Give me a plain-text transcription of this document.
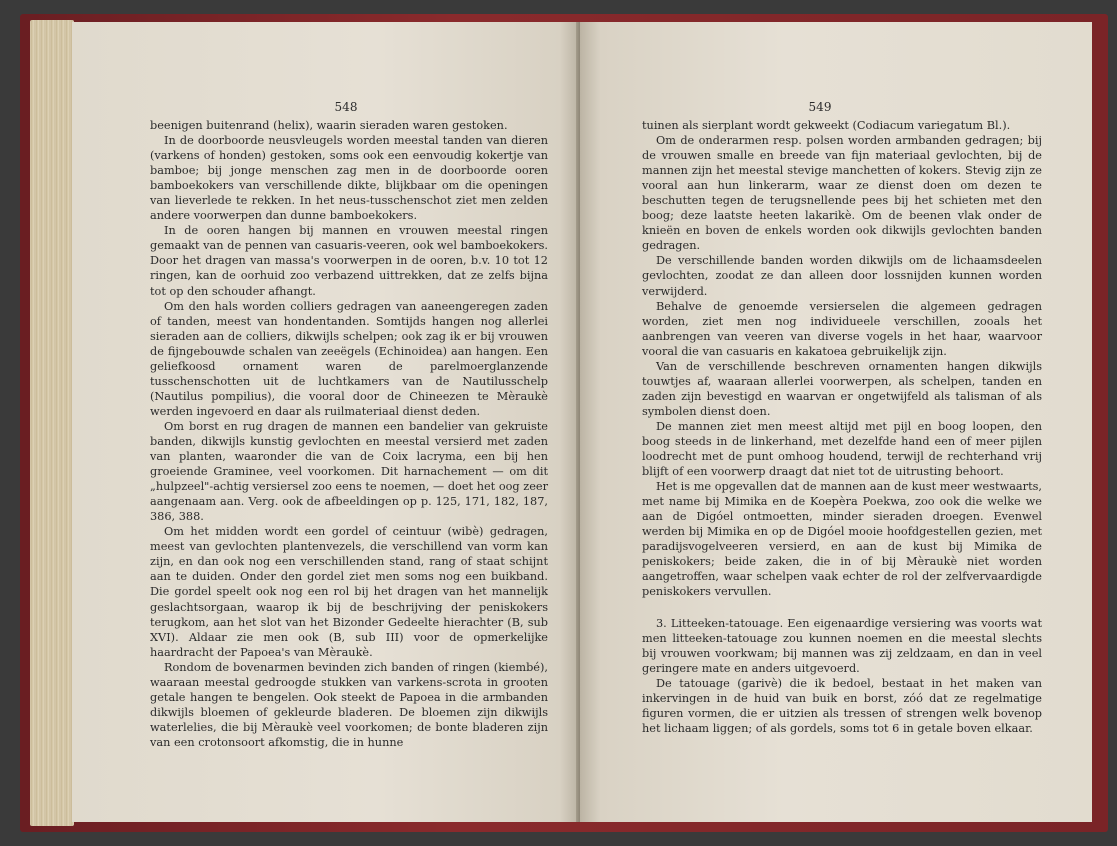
548

beenigen buitenrand (helix), waarin sieraden waren gestoken.

In de doorboorde neusvleugels worden meestal tanden van dieren (varkens of honden) gestoken, soms ook een eenvoudig kokertje van bamboe; bij jonge menschen zag men in de doorboorde ooren bamboekokers van verschillende dikte, blijkbaar om die openingen van lieverlede te rekken. In het neus-tusschenschot ziet men zelden andere voorwerpen dan dunne bamboekokers.

In de ooren hangen bij mannen en vrouwen meestal ringen gemaakt van de pennen van casuaris-veeren, ook wel bamboekokers. Door het dragen van massa's voorwerpen in de ooren, b.v. 10 tot 12 ringen, kan de oorhuid zoo verbazend uittrekken, dat ze zelfs bijna tot op den schouder afhangt.

Om den hals worden colliers gedragen van aaneengeregen zaden of tanden, meest van hondentanden. Somtijds hangen nog allerlei sieraden aan de colliers, dikwijls schelpen; ook zag ik er bij vrouwen de fijngebouwde schalen van zeeëgels (Echinoidea) aan hangen. Een geliefkoosd ornament waren de parelmoerglanzende tusschenschotten uit de luchtkamers van de Nautilusschelp (Nautilus pompilius), die vooral door de Chineezen te Mèraukè werden ingevoerd en daar als ruilmateriaal dienst deden.

Om borst en rug dragen de mannen een bandelier van gekruiste banden, dikwijls kunstig gevlochten en meestal versierd met zaden van planten, waaronder die van de Coix lacryma, een bij hen groeiende Graminee, veel voorkomen. Dit harnachement — om dit „hulpzeel"-achtig versiersel zoo eens te noemen, — doet het oog zeer aangenaam aan. Verg. ook de afbeeldingen op p. 125, 171, 182, 187, 386, 388.

Om het midden wordt een gordel of ceintuur (wibè) gedragen, meest van gevlochten plantenvezels, die verschillend van vorm kan zijn, en dan ook nog een verschillenden stand, rang of staat schijnt aan te duiden. Onder den gordel ziet men soms nog een buikband. Die gordel speelt ook nog een rol bij het dragen van het mannelijk geslachtsorgaan, waarop ik bij de beschrijving der peniskokers terugkom, aan het slot van het Bizonder Gedeelte hierachter (B, sub XVI). Aldaar zie men ook (B, sub III) voor de opmerkelijke haardracht der Papoea's van Mèraukè.

Rondom de bovenarmen bevinden zich banden of ringen (kiembé), waaraan meestal gedroogde stukken van varkens-scrota in grooten getale hangen te bengelen. Ook steekt de Papoea in die armbanden dikwijls bloemen of gekleurde bladeren. De bloemen zijn dikwijls waterlelies, die bij Mèraukè veel voorkomen; de bonte bladeren zijn van een crotonsoort afkomstig, die in hunne

549

tuinen als sierplant wordt gekweekt (Codiacum variegatum Bl.).

Om de onderarmen resp. polsen worden armbanden gedragen; bij de vrouwen smalle en breede van fijn materiaal gevlochten, bij de mannen zijn het meestal stevige manchetten of kokers. Stevig zijn ze vooral aan hun linkerarm, waar ze dienst doen om dezen te beschutten tegen de terugsnellende pees bij het schieten met den boog; deze laatste heeten lakarikè. Om de beenen vlak onder de knieën en boven de enkels worden ook dikwijls gevlochten banden gedragen.

De verschillende banden worden dikwijls om de lichaamsdeelen gevlochten, zoodat ze dan alleen door lossnijden kunnen worden verwijderd.

Behalve de genoemde versierselen die algemeen gedragen worden, ziet men nog individueele verschillen, zooals het aanbrengen van veeren van diverse vogels in het haar, waarvoor vooral die van casuaris en kakatoea gebruikelijk zijn.

Van de verschillende beschreven ornamenten hangen dikwijls touwtjes af, waaraan allerlei voorwerpen, als schelpen, tanden en zaden zijn bevestigd en waarvan er ongetwijfeld als talisman of als symbolen dienst doen.

De mannen ziet men meest altijd met pijl en boog loopen, den boog steeds in de linkerhand, met dezelfde hand een of meer pijlen loodrecht met de punt omhoog houdend, terwijl de rechterhand vrij blijft of een voorwerp draagt dat niet tot de uitrusting behoort.

Het is me opgevallen dat de mannen aan de kust meer westwaarts, met name bij Mimika en de Koepèra Poekwa, zoo ook die welke we aan de Digóel ontmoetten, minder sieraden droegen. Evenwel werden bij Mimika en op de Digóel mooie hoofdgestellen gezien, met paradijsvogelveeren versierd, en aan de kust bij Mimika de peniskokers; beide zaken, die in of bij Mèraukè niet worden aangetroffen, waar schelpen vaak echter de rol der zelfvervaardigde peniskokers vervullen.

3. Litteeken-tatouage. Een eigenaardige versiering was voorts wat men litteeken-tatouage zou kunnen noemen en die meestal slechts bij vrouwen voorkwam; bij mannen was zij zeldzaam, en dan in veel geringere mate en anders uitgevoerd.

De tatouage (garivè) die ik bedoel, bestaat in het maken van inkervingen in de huid van buik en borst, zóó dat ze regelmatige figuren vormen, die er uitzien als tressen of strengen welk bovenop het lichaam liggen; of als gordels, soms tot 6 in getale boven elkaar.
